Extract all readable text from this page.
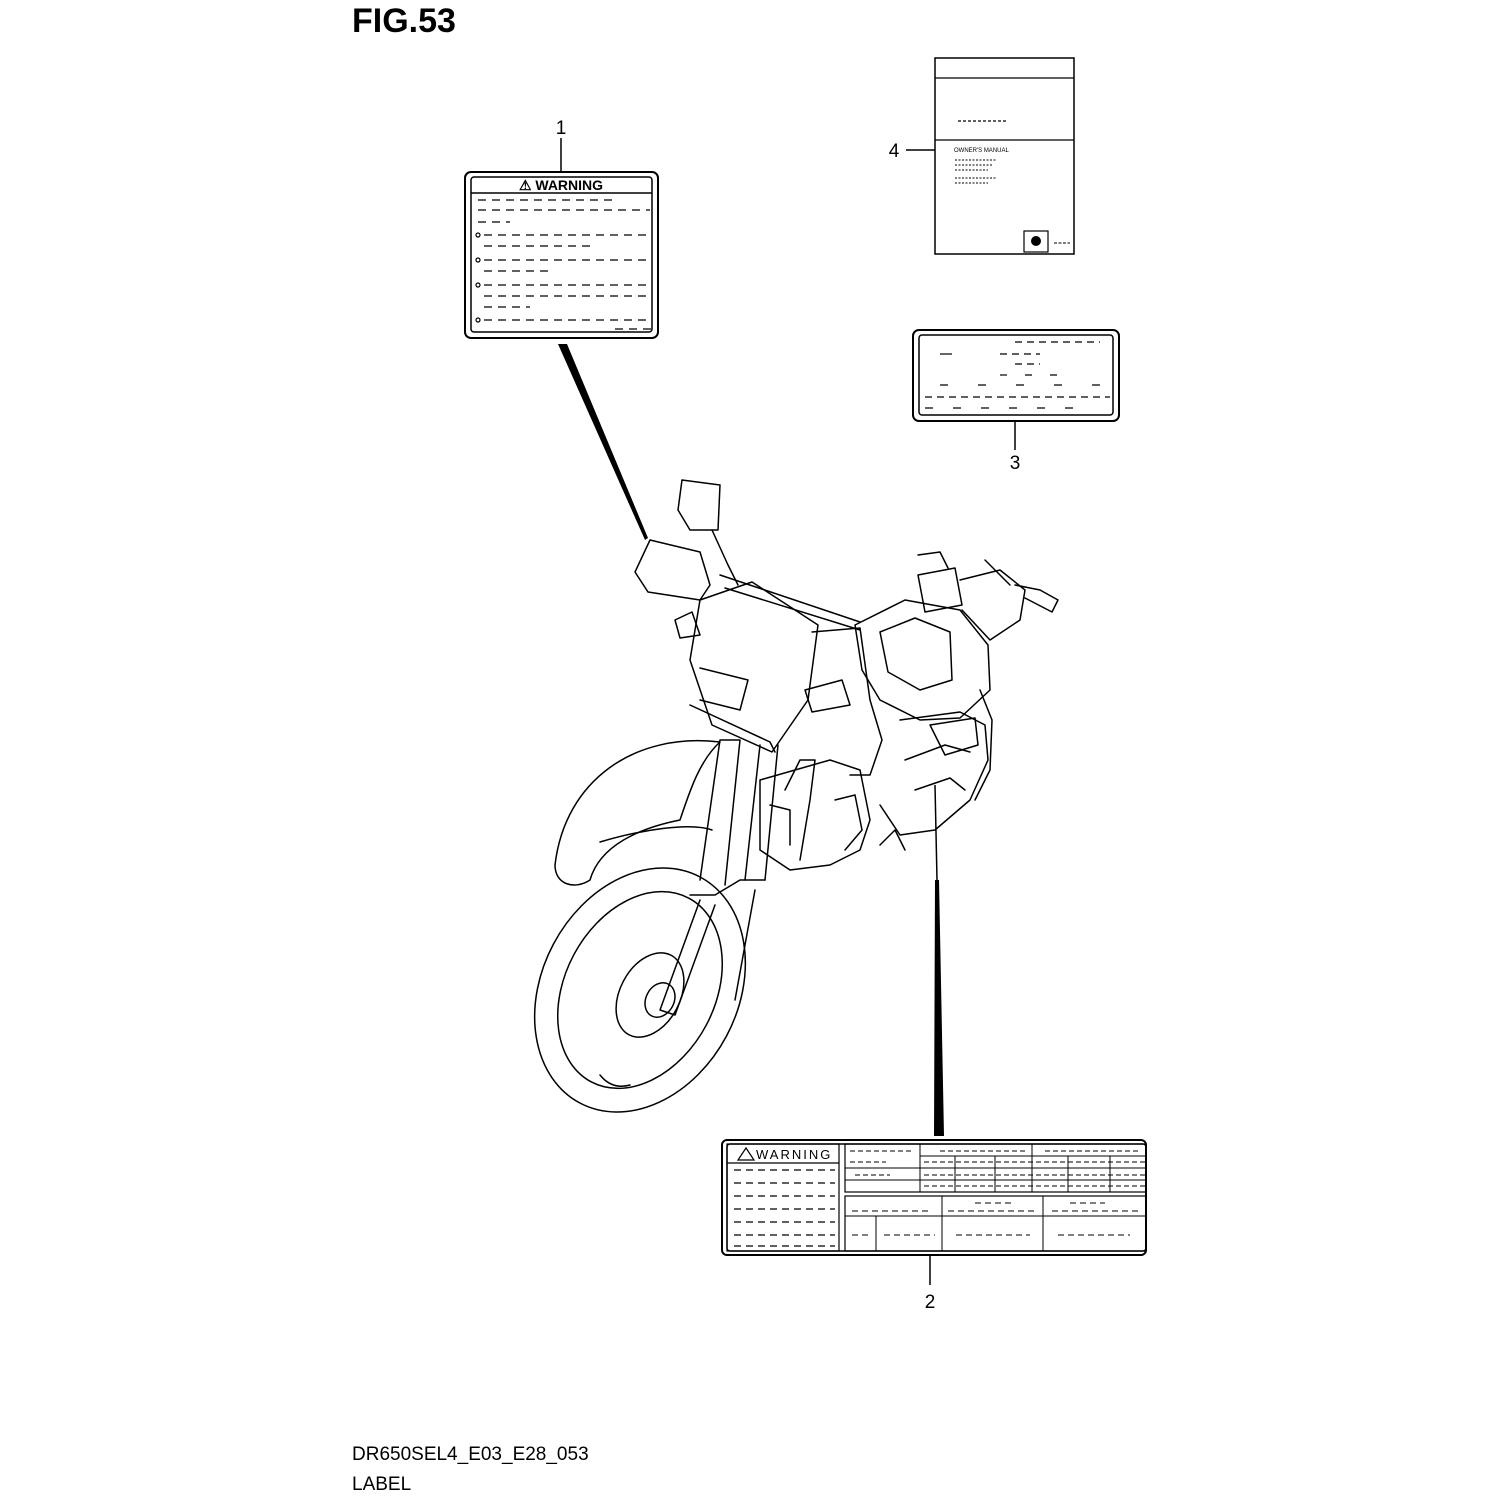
FIG.53
⚠ WARNING
1
OWNER'S MANUAL
4
3
WARNING
2
DR650SEL4_E03_E28_053
LABEL
